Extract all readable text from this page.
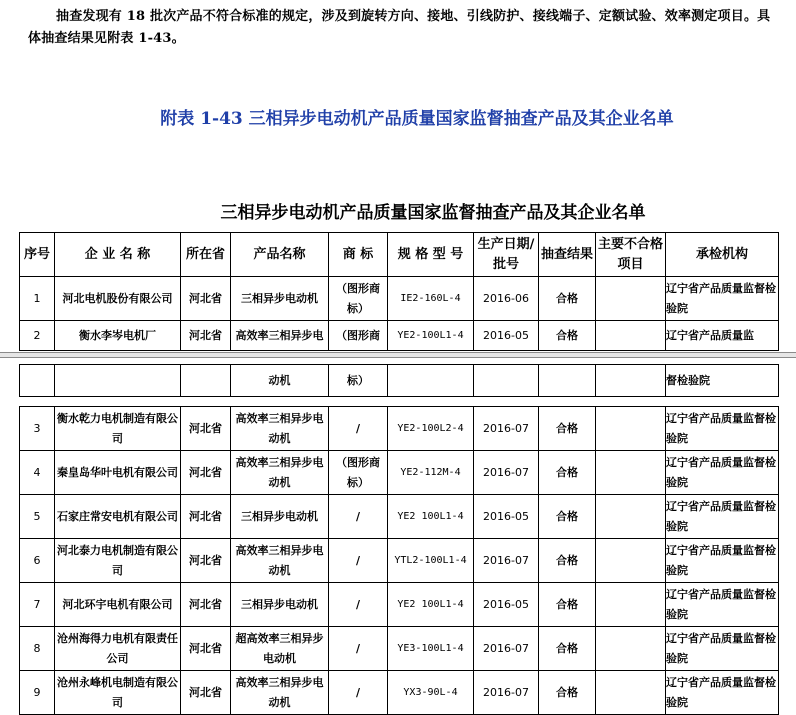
抽查发现有 18 批次产品不符合标准的规定，涉及到旋转方向、接地、引线防护、接线端子、定额试验、效率测定项目。具体抽查结果见附表 1-43。
附表 1-43 三相异步电动机产品质量国家监督抽查产品及其企业名单
三相异步电动机产品质量国家监督抽查产品及其企业名单
序号	企 业 名 称	所在省	产品名称	商 标	规 格 型 号	生产日期/批号	抽查结果	主要不合格项目	承检机构
1	河北电机股份有限公司	河北省	三相异步电动机	（图形商标）	IE2-160L-4	2016-06	合格		辽宁省产品质量监督检验院
2	衡水李岑电机厂	河北省	高效率三相异步电	（图形商	YE2-100L1-4	2016-05	合格		辽宁省产品质量监
			动机	标）					督检验院

3	衡水乾力电机制造有限公司	河北省	高效率三相异步电动机	/	YE2-100L2-4	2016-07	合格		辽宁省产品质量监督检验院
4	秦皇岛华叶电机有限公司	河北省	高效率三相异步电动机	（图形商标）	YE2-112M-4	2016-07	合格		辽宁省产品质量监督检验院
5	石家庄常安电机有限公司	河北省	三相异步电动机	/	YE2 100L1-4	2016-05	合格		辽宁省产品质量监督检验院
6	河北泰力电机制造有限公司	河北省	高效率三相异步电动机	/	YTL2-100L1-4	2016-07	合格		辽宁省产品质量监督检验院
7	河北环宇电机有限公司	河北省	三相异步电动机	/	YE2 100L1-4	2016-05	合格		辽宁省产品质量监督检验院
8	沧州海得力电机有限责任公司	河北省	超高效率三相异步电动机	/	YE3-100L1-4	2016-07	合格		辽宁省产品质量监督检验院
9	沧州永峰机电制造有限公司	河北省	高效率三相异步电动机	/	YX3-90L-4	2016-07	合格		辽宁省产品质量监督检验院
